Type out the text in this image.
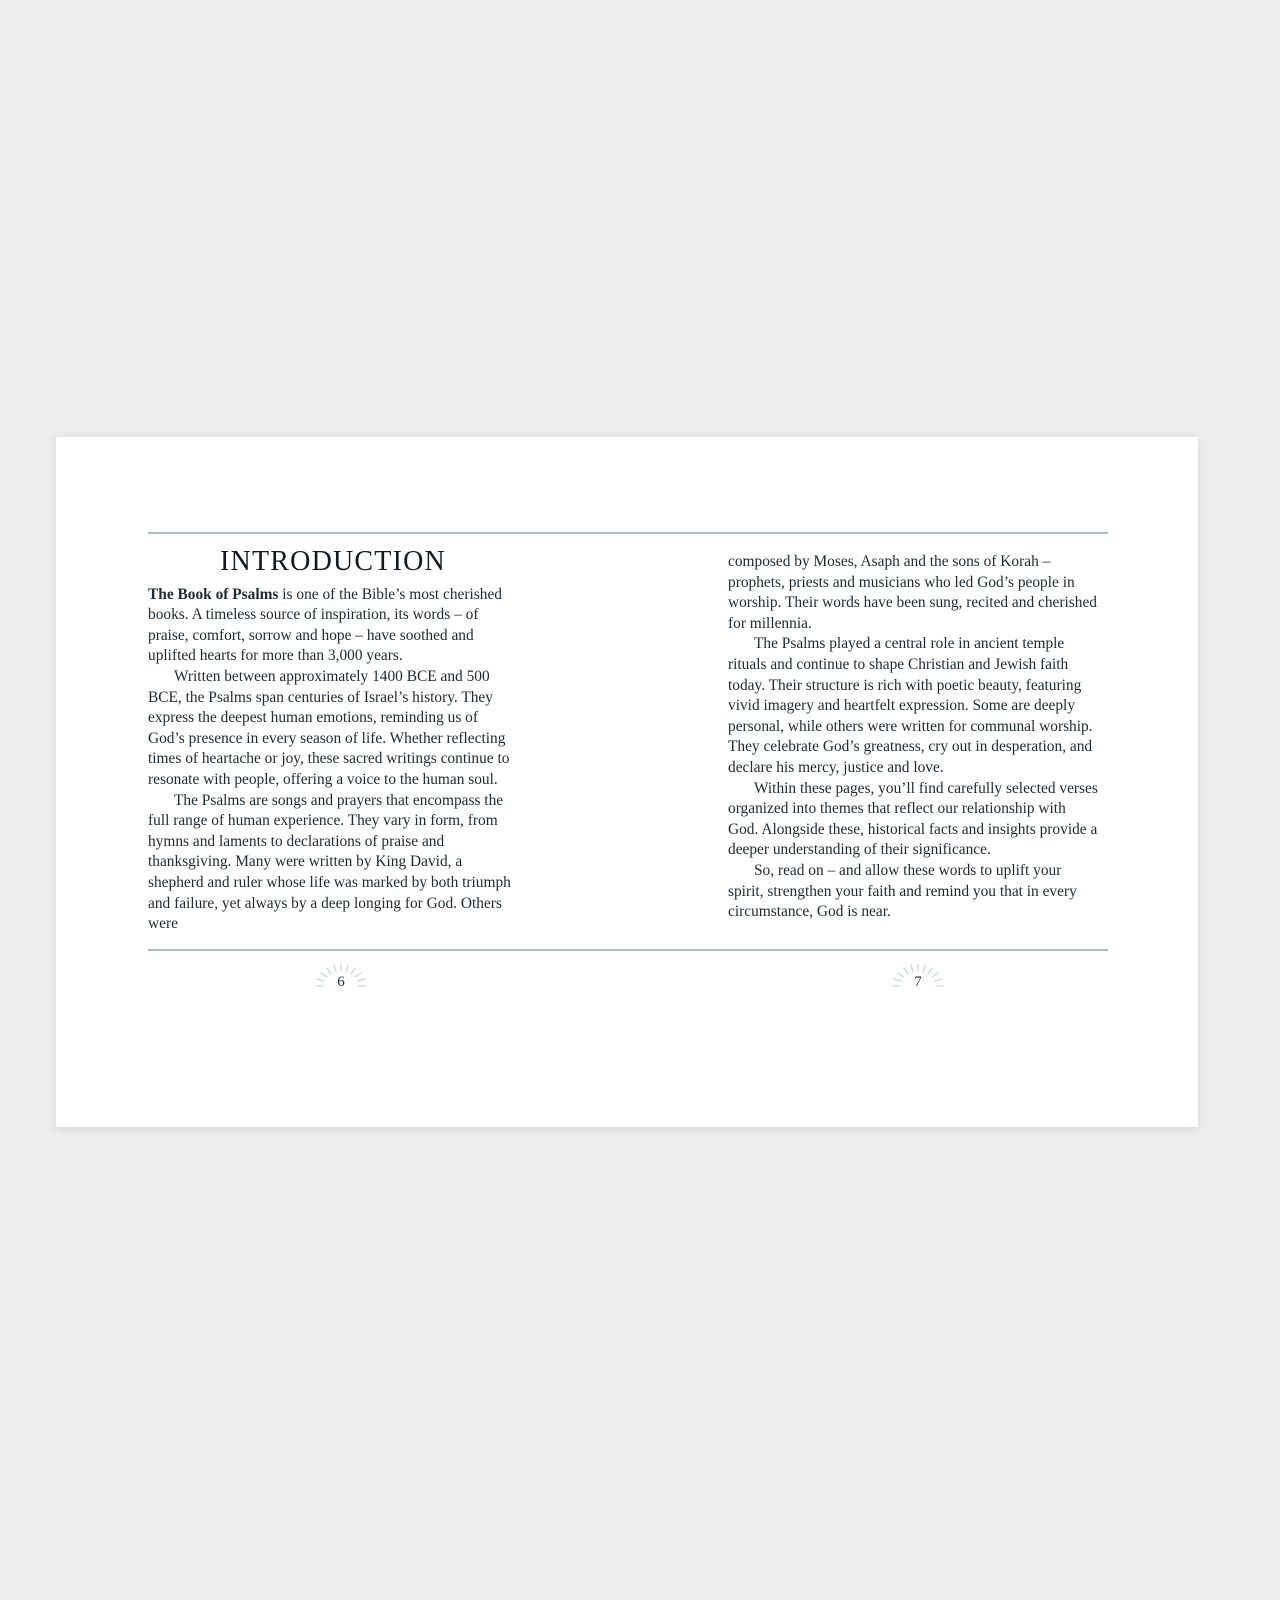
INTRODUCTION

The Book of Psalms is one of the Bible’s most cherished books. A timeless source of inspiration, its words – of praise, comfort, sorrow and hope – have soothed and uplifted hearts for more than 3,000 years.

Written between approximately 1400 BCE and 500 BCE, the Psalms span centuries of Israel’s history. They express the deepest human emotions, reminding us of God’s presence in every season of life. Whether reflecting times of heartache or joy, these sacred writings continue to resonate with people, offering a voice to the human soul.

The Psalms are songs and prayers that encompass the full range of human experience. They vary in form, from hymns and laments to declarations of praise and thanksgiving. Many were written by King David, a shepherd and ruler whose life was marked by both triumph and failure, yet always by a deep longing for God. Others were

composed by Moses, Asaph and the sons of Korah – prophets, priests and musicians who led God’s people in worship. Their words have been sung, recited and cherished for millennia.

The Psalms played a central role in ancient temple rituals and continue to shape Christian and Jewish faith today. Their structure is rich with poetic beauty, featuring vivid imagery and heartfelt expression. Some are deeply personal, while others were written for communal worship. They celebrate God’s greatness, cry out in desperation, and declare his mercy, justice and love.

Within these pages, you’ll find carefully selected verses organized into themes that reflect our relationship with God. Alongside these, historical facts and insights provide a deeper understanding of their significance.

So, read on – and allow these words to uplift your spirit, strengthen your faith and remind you that in every circumstance, God is near.

6	7
